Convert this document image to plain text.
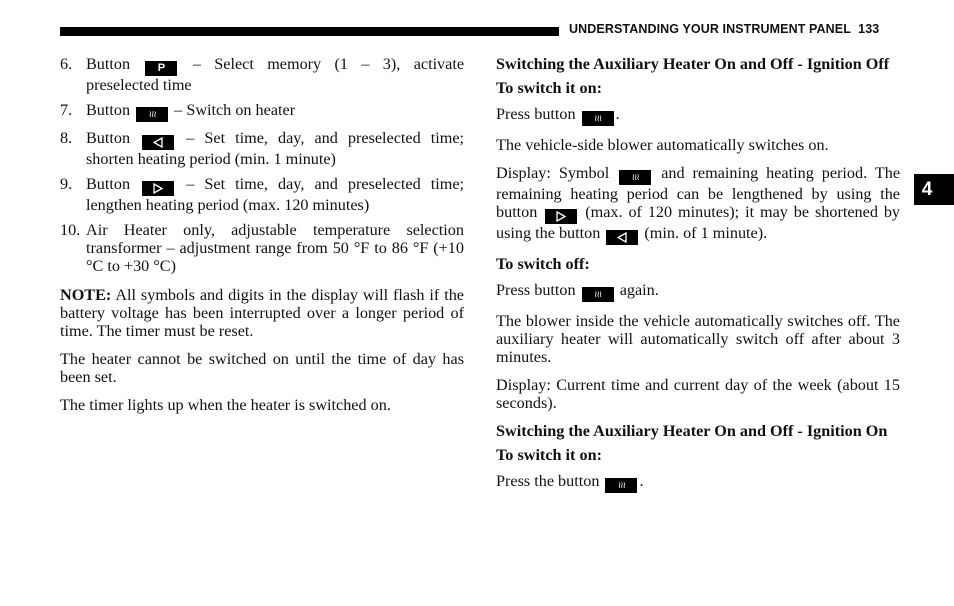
UNDERSTANDING YOUR INSTRUMENT PANEL 133
4
6. Button	P – Select memory (1 – 3), activate preselected time
7. Button ≀≀≀ – Switch on heater
8. Button	– Set time, day, and preselected time; shorten heating period (min. 1 minute)
9. Button	– Set time, day, and preselected time; lengthen heating period (max. 120 minutes)
10. Air Heater only, adjustable temperature selection transformer – adjustment range from 50 °F to 86 °F (+10 °C to +30 °C)

NOTE: All symbols and digits in the display will flash if the battery voltage has been interrupted over a longer period of time. The timer must be reset.

The heater cannot be switched on until the time of day has been set.

The timer lights up when the heater is switched on.

Switching the Auxiliary Heater On and Off - Ignition Off

To switch it on:

Press button ≀≀≀ .

The vehicle-side blower automatically switches on.

Display: Symbol ≀≀≀ and remaining heating period. The remaining heating period can be lengthened by using the button	(max. of 120 minutes); it may be shortened by using the button	(min. of 1 minute).

To switch off:

Press button ≀≀≀ again.

The blower inside the vehicle automatically switches off. The auxiliary heater will automatically switch off after about 3 minutes.

Display: Current time and current day of the week (about 15 seconds).

Switching the Auxiliary Heater On and Off - Ignition On

To switch it on:

Press the button ≀≀≀ .
